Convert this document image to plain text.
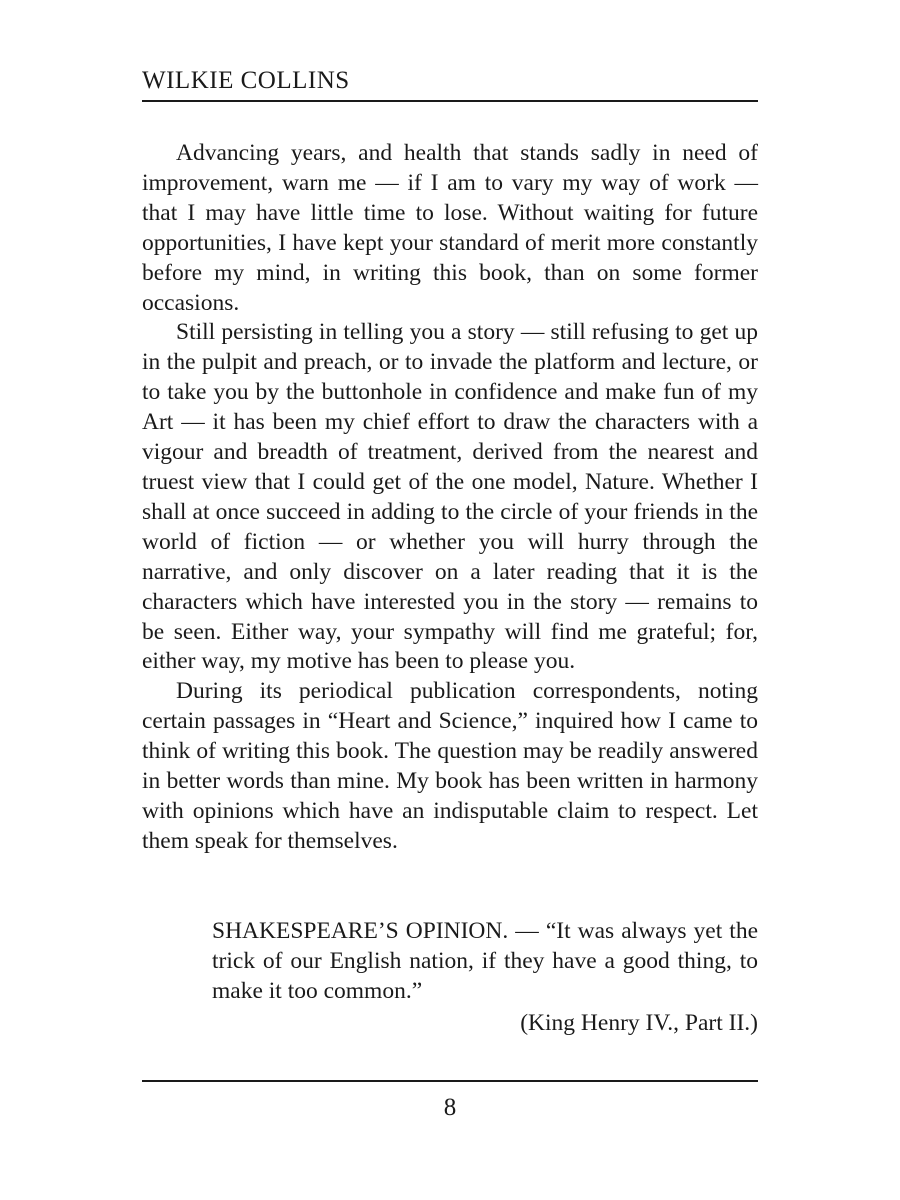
WILKIE COLLINS

Advancing years, and health that stands sadly in need of improvement, warn me — if I am to vary my way of work — that I may have little time to lose. Without waiting for future opportunities, I have kept your standard of merit more constantly before my mind, in writing this book, than on some former occasions.

Still persisting in telling you a story — still refusing to get up in the pulpit and preach, or to invade the platform and lecture, or to take you by the buttonhole in confidence and make fun of my Art — it has been my chief effort to draw the characters with a vigour and breadth of treatment, derived from the nearest and truest view that I could get of the one model, Nature. Whether I shall at once succeed in adding to the circle of your friends in the world of fiction — or whether you will hurry through the narrative, and only discover on a later reading that it is the characters which have interested you in the story — remains to be seen. Either way, your sympathy will find me grateful; for, either way, my motive has been to please you.

During its periodical publication correspondents, noting certain passages in “Heart and Science,” inquired how I came to think of writing this book. The question may be readily answered in better words than mine. My book has been written in harmony with opinions which have an indisputable claim to respect. Let them speak for themselves.

SHAKESPEARE’S OPINION. — “It was always yet the trick of our English nation, if they have a good thing, to make it too common.”

(King Henry IV., Part II.)
8
